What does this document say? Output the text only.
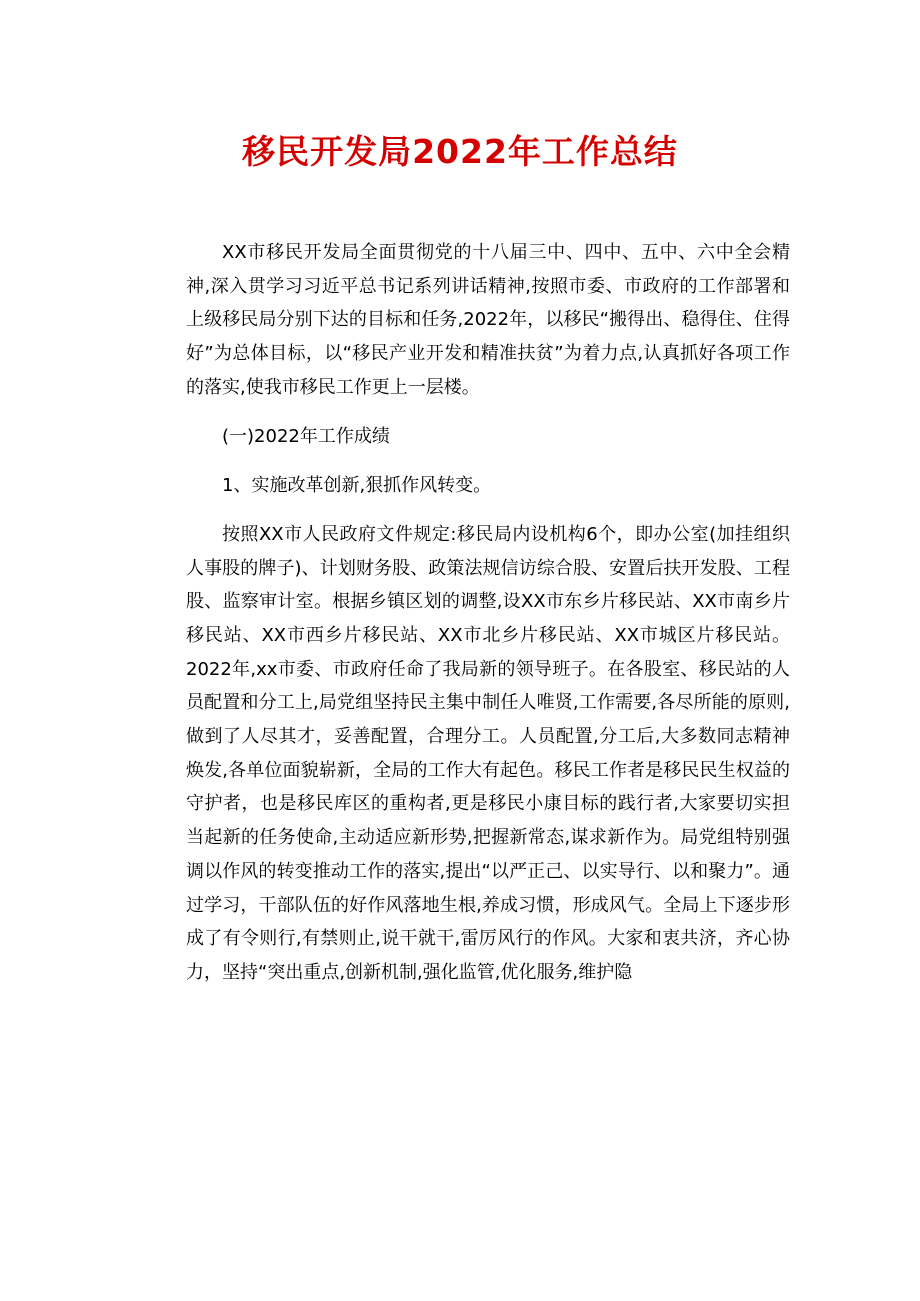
移民开发局2022年工作总结

XX市移民开发局全面贯彻党的十八届三中、四中、五中、六中全会精神,深入贯学习习近平总书记系列讲话精神,按照市委、市政府的工作部署和上级移民局分别下达的目标和任务,2022年，以移民“搬得出、稳得住、住得好”为总体目标，以“移民产业开发和精准扶贫”为着力点,认真抓好各项工作的落实,使我市移民工作更上一层楼。

(一)2022年工作成绩

1、实施改革创新,狠抓作风转变。

按照XX市人民政府文件规定:移民局内设机构6个，即办公室(加挂组织人事股的牌子)、计划财务股、政策法规信访综合股、安置后扶开发股、工程股、监察审计室。根据乡镇区划的调整,设XX市东乡片移民站、XX市南乡片移民站、XX市西乡片移民站、XX市北乡片移民站、XX市城区片移民站。2022年,xx市委、市政府任命了我局新的领导班子。在各股室、移民站的人员配置和分工上,局党组坚持民主集中制任人唯贤,工作需要,各尽所能的原则,做到了人尽其才，妥善配置，合理分工。人员配置,分工后,大多数同志精神焕发,各单位面貌崭新，全局的工作大有起色。移民工作者是移民民生权益的守护者，也是移民库区的重构者,更是移民小康目标的践行者,大家要切实担当起新的任务使命,主动适应新形势,把握新常态,谋求新作为。局党组特别强调以作风的转变推动工作的落实,提出“以严正己、以实导行、以和聚力”。通过学习，干部队伍的好作风落地生根,养成习惯，形成风气。全局上下逐步形成了有令则行,有禁则止,说干就干,雷厉风行的作风。大家和衷共济，齐心协力，坚持“突出重点,创新机制,强化监管,优化服务,维护隐
